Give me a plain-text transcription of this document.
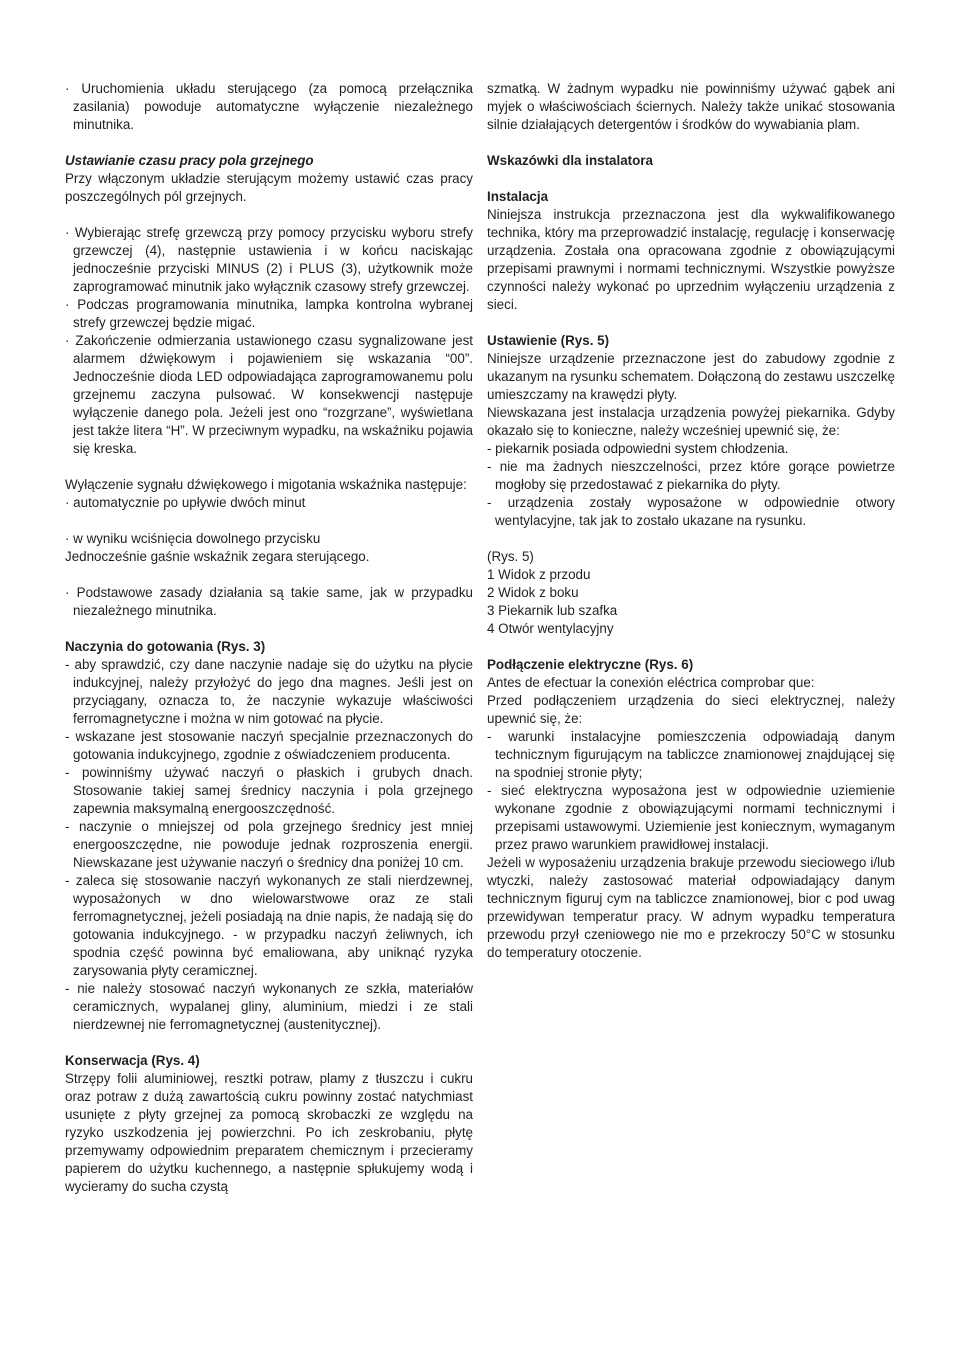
· Uruchomienia układu sterującego (za pomocą przełącznika zasilania) powoduje automatyczne wyłączenie niezależnego minutnika.

Ustawianie czasu pracy pola grzejnego

Przy włączonym układzie sterującym możemy ustawić czas pracy poszczególnych pól grzejnych.

· Wybierając strefę grzewczą przy pomocy przycisku wyboru strefy grzewczej (4), następnie ustawienia i w końcu naciskając jednocześnie przyciski MINUS (2) i PLUS (3), użytkownik może zaprogramować minutnik jako wyłącznik czasowy strefy grzewczej.

· Podczas programowania minutnika, lampka kontrolna wybranej strefy grzewczej będzie migać.

· Zakończenie odmierzania ustawionego czasu sygnalizowane jest alarmem dźwiękowym i pojawieniem się wskazania “00”. Jednocześnie dioda LED odpowiadająca zaprogramowanemu polu grzejnemu zaczyna pulsować. W konsekwencji następuje wyłączenie danego pola. Jeżeli jest ono “rozgrzane”, wyświetlana jest także litera “H”. W przeciwnym wypadku, na wskaźniku pojawia się kreska.

Wyłączenie sygnału dźwiękowego i migotania wskaźnika następuje:

· automatycznie po upływie dwóch minut

· w wyniku wciśnięcia dowolnego przycisku

Jednocześnie gaśnie wskaźnik zegara sterującego.

· Podstawowe zasady działania są takie same, jak w przypadku niezależnego minutnika.

Naczynia do gotowania (Rys. 3)

- aby sprawdzić, czy dane naczynie nadaje się do użytku na płycie indukcyjnej, należy przyłożyć do jego dna magnes. Jeśli jest on przyciągany, oznacza to, że naczynie wykazuje właściwości ferromagnetyczne i można w nim gotować na płycie.

- wskazane jest stosowanie naczyń specjalnie przeznaczonych do gotowania indukcyjnego, zgodnie z oświadczeniem producenta.

- powinniśmy używać naczyń o płaskich i grubych dnach. Stosowanie takiej samej średnicy naczynia i pola grzejnego zapewnia maksymalną energooszczędność.

- naczynie o mniejszej od pola grzejnego średnicy jest mniej energooszczędne, nie powoduje jednak rozproszenia energii. Niewskazane jest używanie naczyń o średnicy dna poniżej 10 cm.

- zaleca się stosowanie naczyń wykonanych ze stali nierdzewnej, wyposażonych w dno wielowarstwowe oraz ze stali ferromagnetycznej, jeżeli posiadają na dnie napis, że nadają się do gotowania indukcyjnego. - w przypadku naczyń żeliwnych, ich spodnia część powinna być emaliowana, aby uniknąć ryzyka zarysowania płyty ceramicznej.

- nie należy stosować naczyń wykonanych ze szkła, materiałów ceramicznych, wypalanej gliny, aluminium, miedzi i ze stali nierdzewnej nie ferromagnetycznej (austenitycznej).

Konserwacja (Rys. 4)

Strzępy folii aluminiowej, resztki potraw, plamy z tłuszczu i cukru oraz potraw z dużą zawartością cukru powinny zostać natychmiast usunięte z płyty grzejnej za pomocą skrobaczki ze względu na ryzyko uszkodzenia jej powierzchni. Po ich zeskrobaniu, płytę przemywamy odpowiednim preparatem chemicznym i przecieramy papierem do użytku kuchennego, a następnie spłukujemy wodą i wycieramy do sucha czystą

szmatką. W żadnym wypadku nie powinniśmy używać gąbek ani myjek o właściwościach ściernych. Należy także unikać stosowania silnie działających detergentów i środków do wywabiania plam.

Wskazówki dla instalatora

Instalacja

Niniejsza instrukcja przeznaczona jest dla wykwalifikowanego technika, który ma przeprowadzić instalację, regulację i konserwację urządzenia. Została ona opracowana zgodnie z obowiązującymi przepisami prawnymi i normami technicznymi. Wszystkie powyższe czynności należy wykonać po uprzednim wyłączeniu urządzenia z sieci.

Ustawienie (Rys. 5)

Niniejsze urządzenie przeznaczone jest do zabudowy zgodnie z ukazanym na rysunku schematem. Dołączoną do zestawu uszczelkę umieszczamy na krawędzi płyty.

Niewskazana jest instalacja urządzenia powyżej piekarnika. Gdyby okazało się to konieczne, należy wcześniej upewnić się, że:

- piekarnik posiada odpowiedni system chłodzenia.

- nie ma żadnych nieszczelności, przez które gorące powietrze mogłoby się przedostawać z piekarnika do płyty.

- urządzenia zostały wyposażone w odpowiednie otwory wentylacyjne, tak jak to zostało ukazane na rysunku.

(Rys. 5)

1 Widok z przodu

2 Widok z boku

3 Piekarnik lub szafka

4 Otwór wentylacyjny

Podłączenie elektryczne (Rys. 6)

Antes de efectuar la conexión eléctrica comprobar que:

Przed podłączeniem urządzenia do sieci elektrycznej, należy upewnić się, że:

- warunki instalacyjne pomieszczenia odpowiadają danym technicznym figurującym na tabliczce znamionowej znajdującej się na spodniej stronie płyty;

- sieć elektryczna wyposażona jest w odpowiednie uziemienie wykonane zgodnie z obowiązującymi normami technicznymi i przepisami ustawowymi. Uziemienie jest koniecznym, wymaganym przez prawo warunkiem prawidłowej instalacji.

Jeżeli w wyposażeniu urządzenia brakuje przewodu sieciowego i/lub wtyczki, należy zastosować materiał odpowiadający danym technicznym figuruj cym na tabliczce znamionowej, bior c pod uwag przewidywan temperatur pracy. W adnym wypadku temperatura przewodu przył czeniowego nie mo e przekroczy 50°C w stosunku do temperatury otoczenie.
